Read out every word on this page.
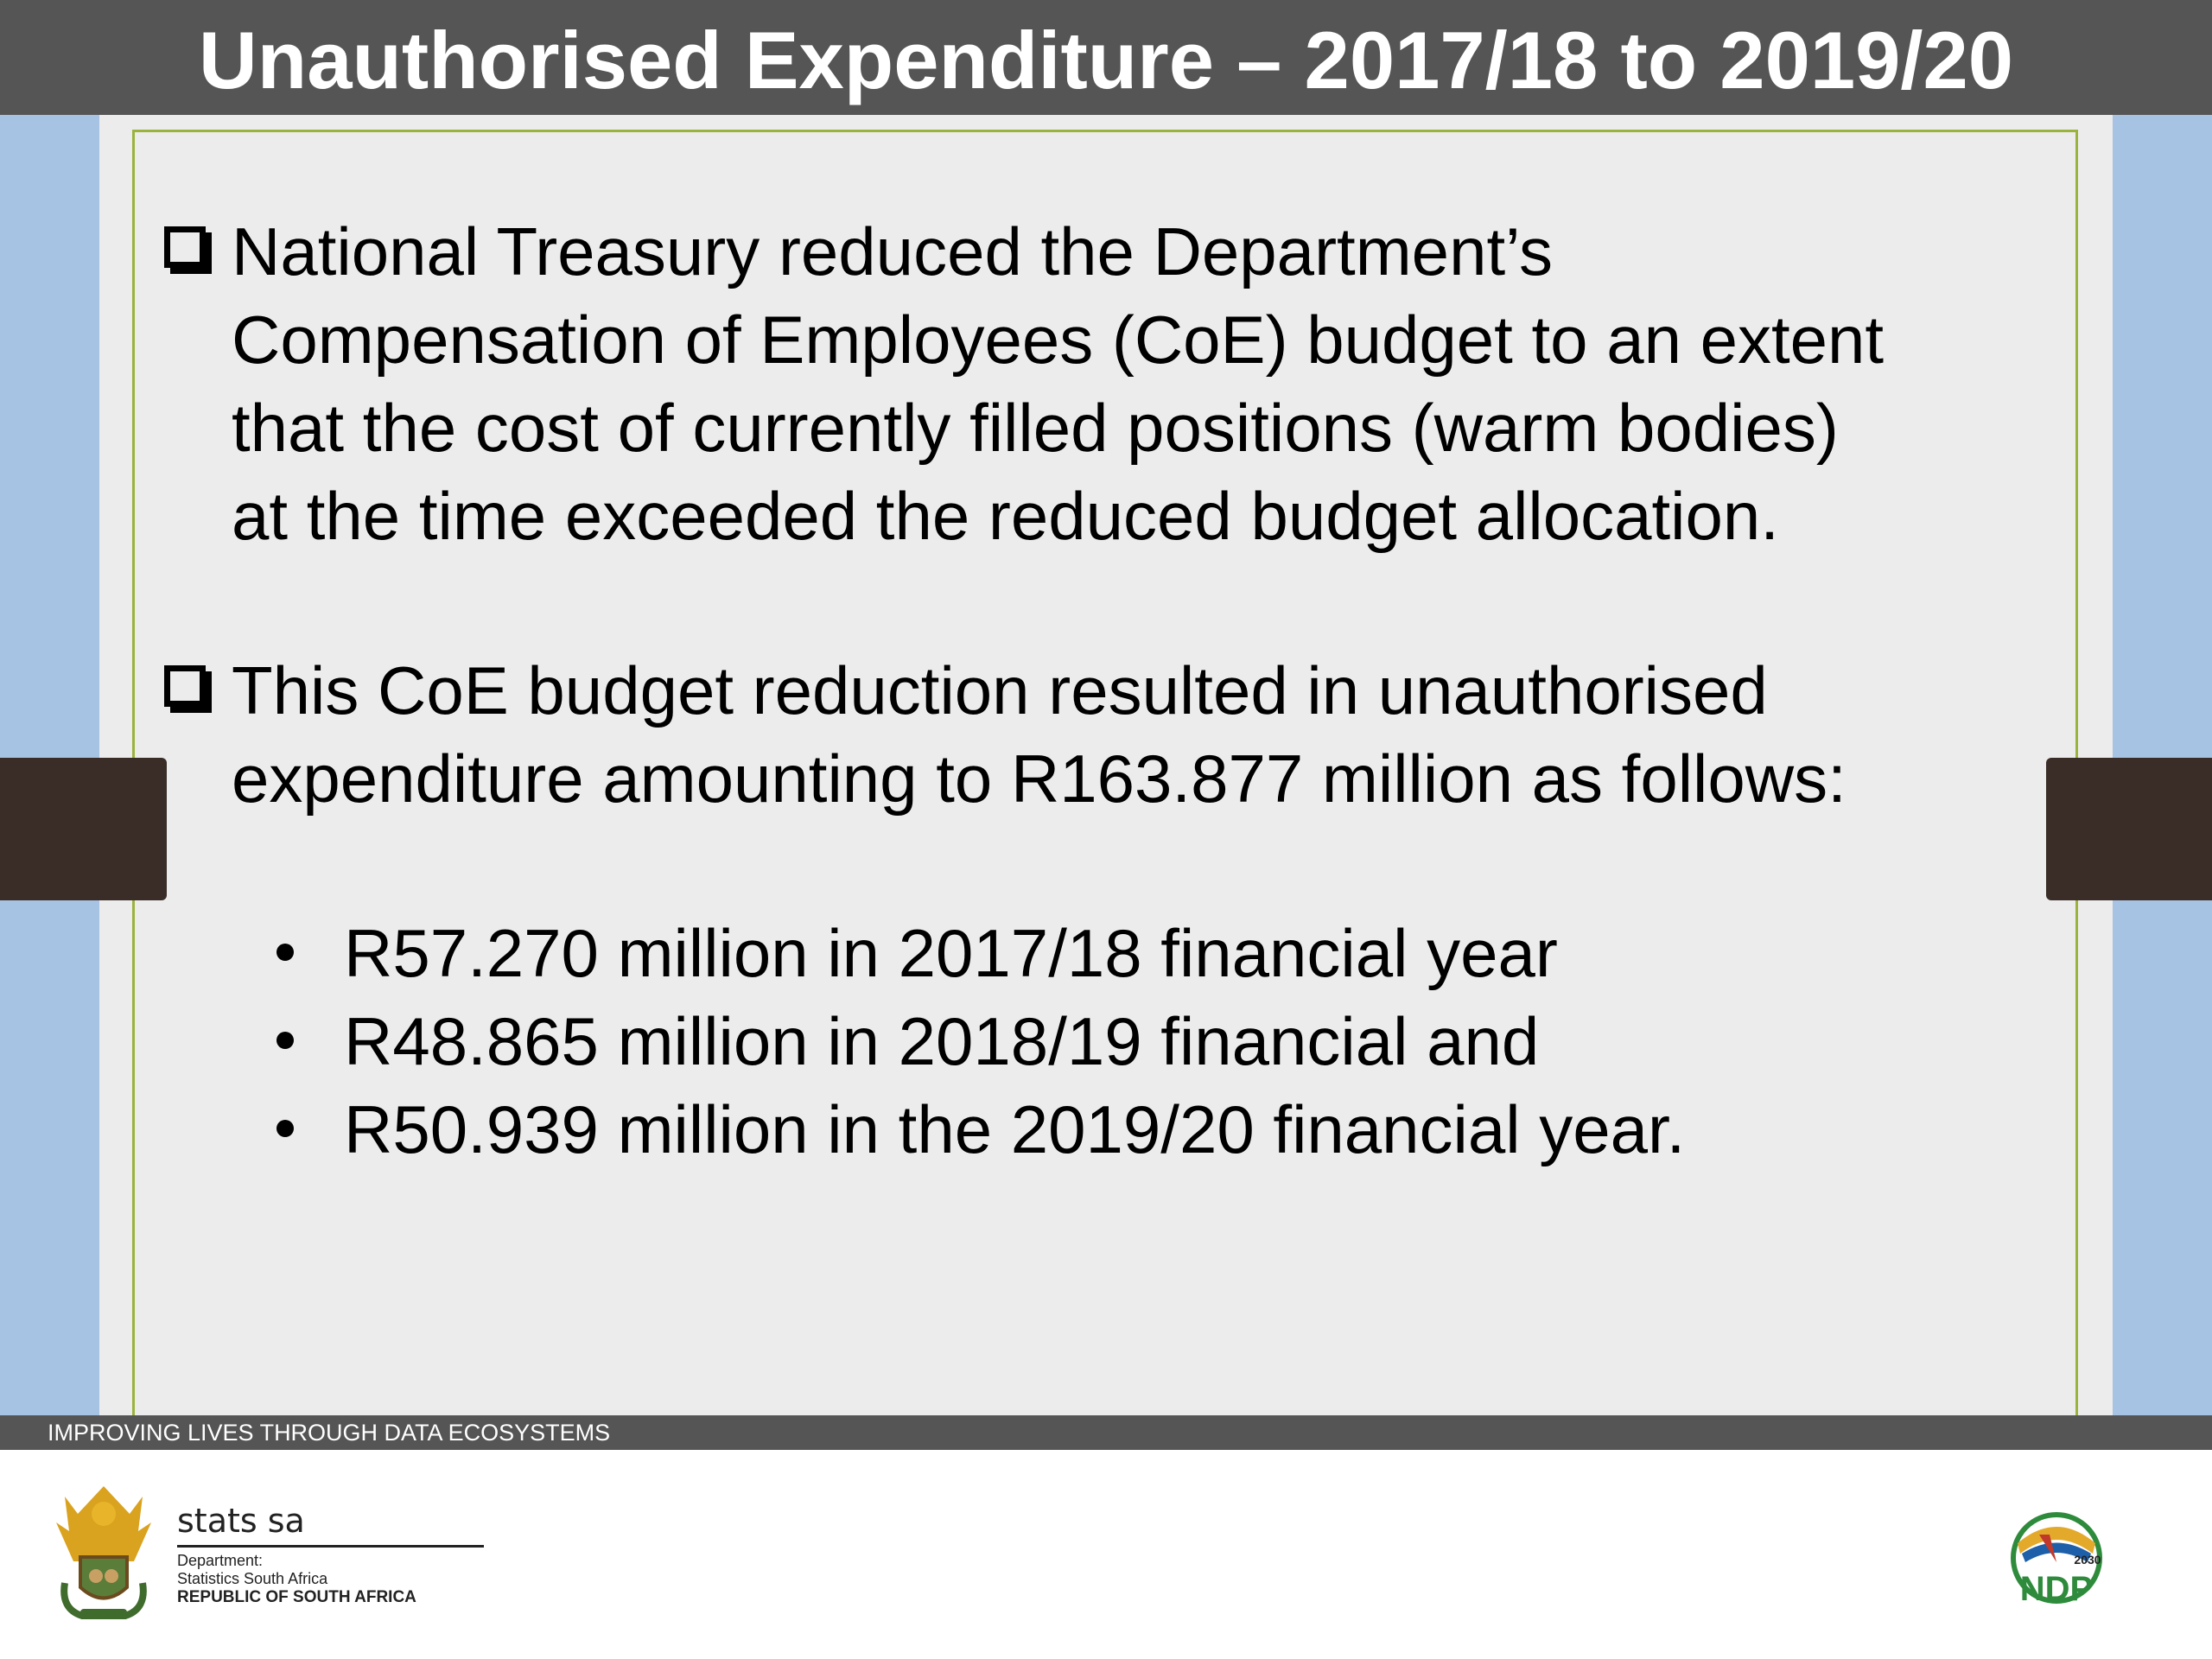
Unauthorised Expenditure – 2017/18 to 2019/20
National Treasury reduced the Department’s
Compensation of Employees (CoE) budget to an extent
that the cost of currently filled positions (warm bodies)
at the time exceeded the reduced budget allocation.
This CoE budget reduction resulted in unauthorised
expenditure amounting to R163.877 million as follows:
R57.270 million in 2017/18 financial year
R48.865 million in 2018/19 financial and
R50.939 million in the 2019/20 financial year.
IMPROVING LIVES THROUGH DATA ECOSYSTEMS
stats sa
Department:
Statistics South Africa
REPUBLIC OF SOUTH AFRICA
2030
NDP
